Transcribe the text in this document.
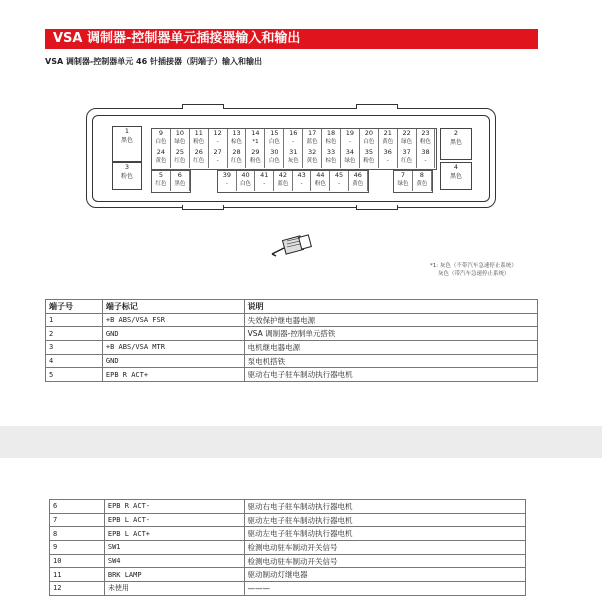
VSA 调制器-控制器单元插接器输入和输出
VSA 调制器-控制器单元 46 针插接器（阴端子）输入和输出
1
黑色
3
粉色
2
黑色
4
黑色
9
白色
10
绿色
11
粉色
12
-
13
棕色
14
*1
15
白色
16
-
17
蓝色
18
棕色
19
-
20
白色
21
黄色
22
绿色
23
粉色
24
黄色
25
红色
26
红色
27
-
28
红色
29
粉色
30
白色
31
灰色
32
黄色
33
棕色
34
绿色
35
粉色
36
-
37
红色
38
-
5
红色
6
黑色
39
-
40
白色
41
-
42
蓝色
43
-
44
粉色
45
-
46
黄色
7
绿色
8
黄色
*1: 灰色（不带汽车急速停止系统）
灰色（带汽车急速停止系统）
端子号	端子标记	说明
1	+B ABS/VSA FSR	失效保护继电器电源
2	GND	VSA 调制器-控制单元搭铁
3	+B ABS/VSA MTR	电机继电器电源
4	GND	泵电机搭铁
5	EPB R ACT+	驱动右电子驻车制动执行器电机
6	EPB R ACT-	驱动右电子驻车制动执行器电机
7	EPB L ACT-	驱动左电子驻车制动执行器电机
8	EPB L ACT+	驱动左电子驻车制动执行器电机
9	SW1	检测电动驻车制动开关信号
10	SW4	检测电动驻车制动开关信号
11	BRK LAMP	驱动制动灯继电器
12	未使用	———
